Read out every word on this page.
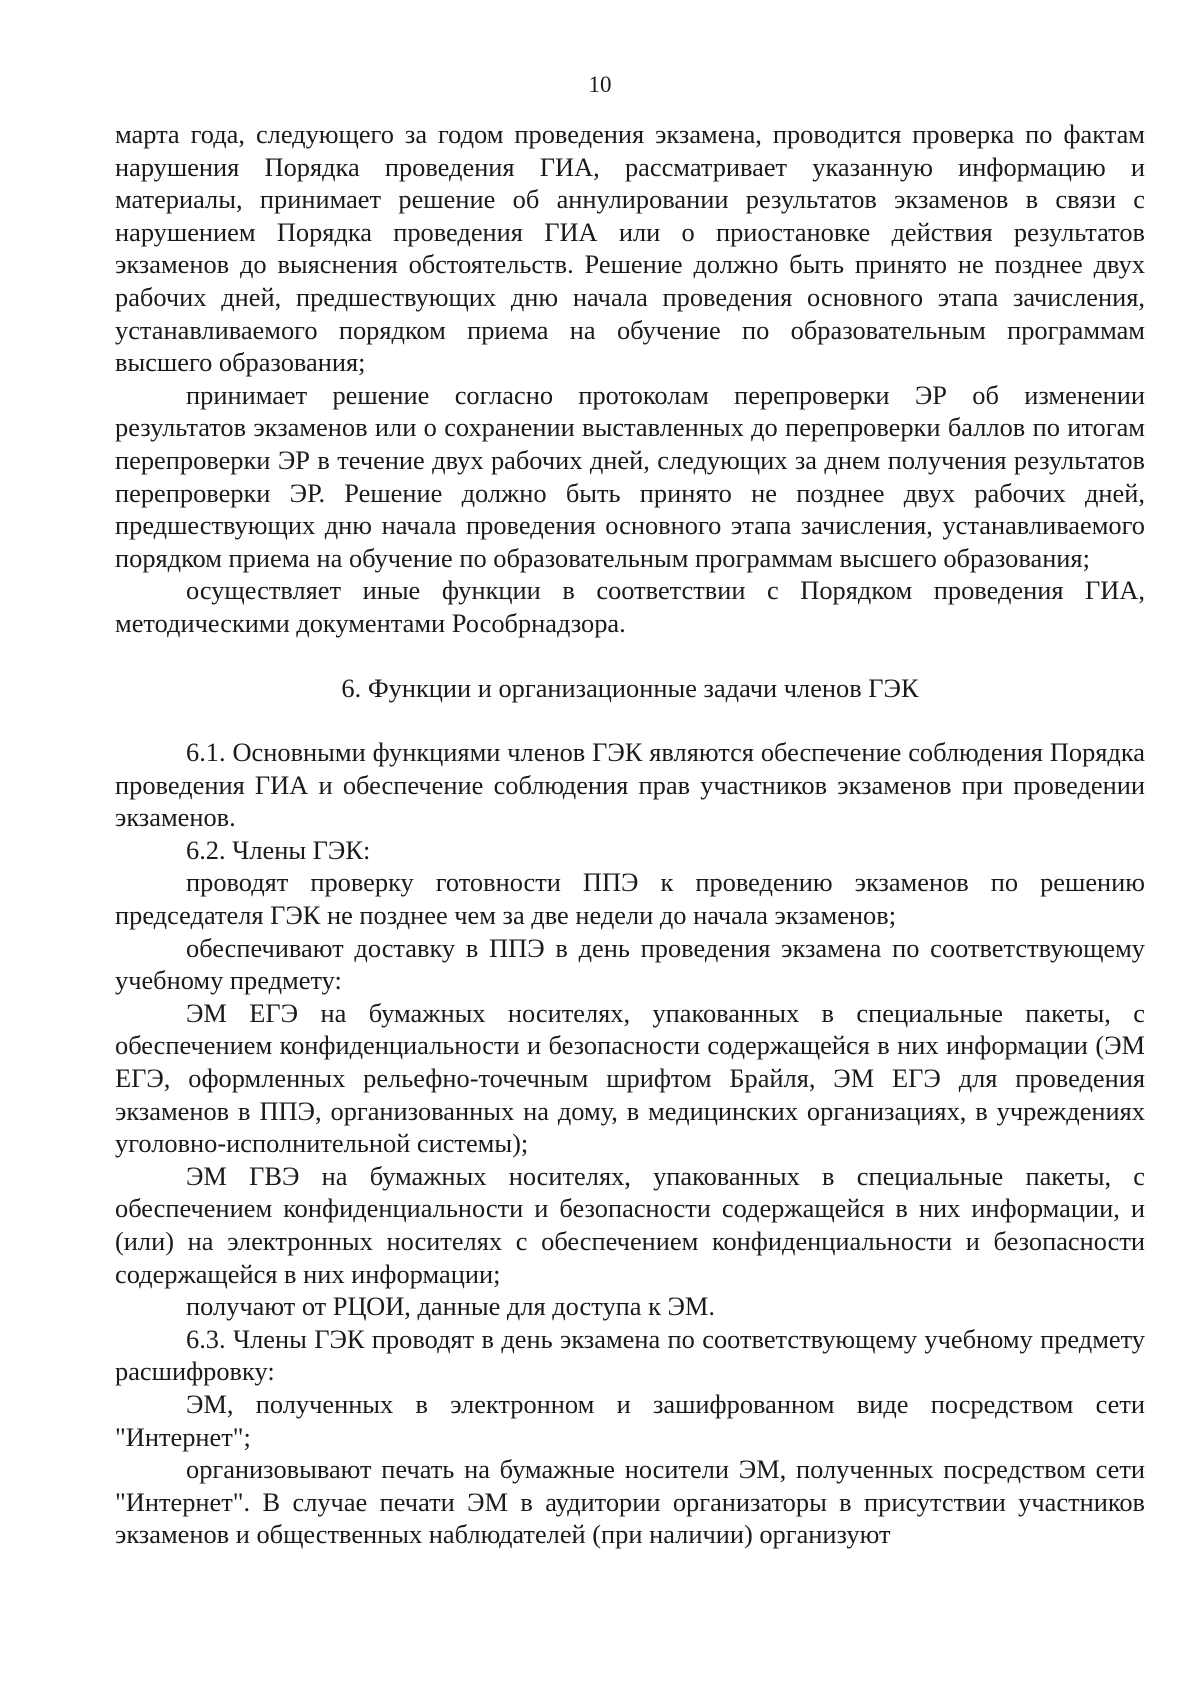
10

марта года, следующего за годом проведения экзамена, проводится проверка по фактам нарушения Порядка проведения ГИА, рассматривает указанную информацию и материалы, принимает решение об аннулировании результатов экзаменов в связи с нарушением Порядка проведения ГИА или о приостановке действия результатов экзаменов до выяснения обстоятельств. Решение должно быть принято не позднее двух рабочих дней, предшествующих дню начала проведения основного этапа зачисления, устанавливаемого порядком приема на обучение по образовательным программам высшего образования;

принимает решение согласно протоколам перепроверки ЭР об изменении результатов экзаменов или о сохранении выставленных до перепроверки баллов по итогам перепроверки ЭР в течение двух рабочих дней, следующих за днем получения результатов перепроверки ЭР. Решение должно быть принято не позднее двух рабочих дней, предшествующих дню начала проведения основного этапа зачисления, устанавливаемого порядком приема на обучение по образовательным программам высшего образования;

осуществляет иные функции в соответствии с Порядком проведения ГИА, методическими документами Рособрнадзора.

6. Функции и организационные задачи членов ГЭК

6.1. Основными функциями членов ГЭК являются обеспечение соблюдения Порядка проведения ГИА и обеспечение соблюдения прав участников экзаменов при проведении экзаменов.

6.2. Члены ГЭК:

проводят проверку готовности ППЭ к проведению экзаменов по решению председателя ГЭК не позднее чем за две недели до начала экзаменов;

обеспечивают доставку в ППЭ в день проведения экзамена по соответствующему учебному предмету:

ЭМ ЕГЭ на бумажных носителях, упакованных в специальные пакеты, с обеспечением конфиденциальности и безопасности содержащейся в них информации (ЭМ ЕГЭ, оформленных рельефно-точечным шрифтом Брайля, ЭМ ЕГЭ для проведения экзаменов в ППЭ, организованных на дому, в медицинских организациях, в учреждениях уголовно-исполнительной системы);

ЭМ ГВЭ на бумажных носителях, упакованных в специальные пакеты, с обеспечением конфиденциальности и безопасности содержащейся в них информации, и (или) на электронных носителях с обеспечением конфиденциальности и безопасности содержащейся в них информации;

получают от РЦОИ, данные для доступа к ЭМ.

6.3. Члены ГЭК проводят в день экзамена по соответствующему учебному предмету расшифровку:

ЭМ, полученных в электронном и зашифрованном виде посредством сети "Интернет";

организовывают печать на бумажные носители ЭМ, полученных посредством сети "Интернет". В случае печати ЭМ в аудитории организаторы в присутствии участников экзаменов и общественных наблюдателей (при наличии) организуют
